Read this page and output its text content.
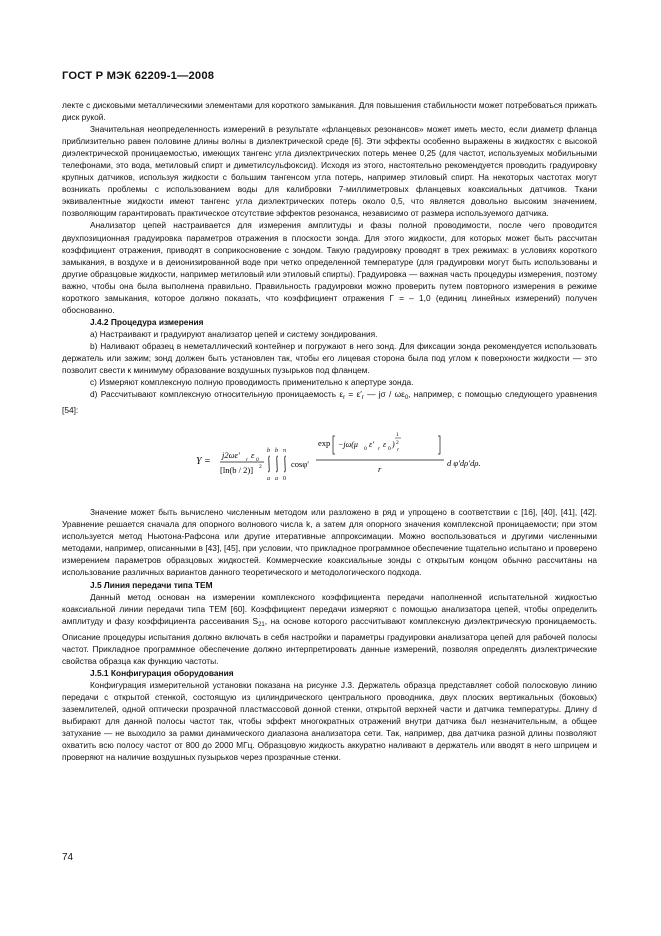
ГОСТ Р МЭК 62209-1—2008

лекте с дисковыми металлическими элементами для короткого замыкания. Для повышения стабильности может потребоваться прижать диск рукой.

Значительная неопределенность измерений в результате «фланцевых резонансов» может иметь место, если диаметр фланца приблизительно равен половине длины волны в диэлектрической среде [6]. Эти эффекты особенно выражены в жидкостях с высокой диэлектрической проницаемостью, имеющих тангенс угла диэлектрических потерь менее 0,25 (для частот, используемых мобильными телефонами, это вода, метиловый спирт и диметилсульфоксид). Исходя из этого, настоятельно рекомендуется проводить градуировку крупных датчиков, используя жидкости с большим тангенсом угла потерь, например этиловый спирт. На некоторых частотах могут возникать проблемы с использованием воды для калибровки 7-миллиметровых фланцевых коаксиальных датчиков. Ткани эквивалентные жидкости имеют тангенс угла диэлектрических потерь около 0,5, что является довольно высоким значением, позволяющим гарантировать практическое отсутствие эффектов резонанса, независимо от размера используемого датчика.

Анализатор цепей настраивается для измерения амплитуды и фазы полной проводимости, после чего проводится двухпозиционная градуировка параметров отражения в плоскости зонда. Для этого жидкости, для которых может быть рассчитан коэффициент отражения, приводят в соприкосновение с зондом. Такую градуировку проводят в трех режимах: в условиях короткого замыкания, в воздухе и в деионизированной воде при четко определенной температуре (для градуировки могут быть использованы и другие образцовые жидкости, например метиловый или этиловый спирты). Градуировка — важная часть процедуры измерения, поэтому важно, чтобы она была выполнена правильно. Правильность градуировки можно проверить путем повторного измерения в режиме короткого замыкания, которое должно показать, что коэффициент отражения Г = – 1,0 (единиц линейных измерений) получен обоснованно.

J.4.2 Процедура измерения

а) Настраивают и градуируют анализатор цепей и систему зондирования.

b) Наливают образец в неметаллический контейнер и погружают в него зонд. Для фиксации зонда рекомендуется использовать держатель или зажим; зонд должен быть установлен так, чтобы его лицевая сторона была под углом к поверхности жидкости — это позволит свести к минимуму образование воздушных пузырьков под фланцем.

с) Измеряют комплексную полную проводимость применительно к апертуре зонда.

d) Рассчитывают комплексную относительную проницаемость $\varepsilon_r = \varepsilon'_r$ — jσ / $\omega\varepsilon_0$, например, с помощью следующего уравнения [54]:

Y =
j2ωε′ r ε 0
[ln(b / 2)] 2
b b π
a a 0
cosφ′
exp −jω(μ 0 ε′ r ε 0 )
1
2
r
r
d φ′dρ′dρ.

Значение может быть вычислено численным методом или разложено в ряд и упрощено в соответствии с [16], [40], [41], [42]. Уравнение решается сначала для опорного волнового числа k, а затем для опорного значения комплексной проницаемости; при этом используется метод Ньютона-Рафсона или другие итеративные аппроксимации. Можно воспользоваться и другими численными методами, например, описанными в [43], [45], при условии, что прикладное программное обеспечение тщательно испытано и проверено измерением параметров образцовых жидкостей. Коммерческие коаксиальные зонды с открытым концом обычно рассчитаны на использование различных вариантов данного теоретического и методологического подхода.

J.5 Линия передачи типа ТЕМ

Данный метод основан на измерении комплексного коэффициента передачи наполненной испытательной жидкостью коаксиальной линии передачи типа ТЕМ [60]. Коэффициент передачи измеряют с помощью анализатора цепей, чтобы определить амплитуду и фазу коэффициента рассеивания $S_{21}$, на основе которого рассчитывают комплексную диэлектрическую проницаемость. Описание процедуры испытания должно включать в себя настройки и параметры градуировки анализатора цепей для рабочей полосы частот. Прикладное программное обеспечение должно интерпретировать данные измерений, позволяя определять диэлектрические свойства образца как функцию частоты.

J.5.1 Конфигурация оборудования

Конфигурация измерительной установки показана на рисунке J.3. Держатель образца представляет собой полосковую линию передачи с открытой стенкой, состоящую из цилиндрического центрального проводника, двух плоских вертикальных (боковых) заземлителей, одной оптически прозрачной пластмассовой донной стенки, открытой верхней части и датчика температуры. Длину d выбирают для данной полосы частот так, чтобы эффект многократных отражений внутри датчика был незначительным, а общее затухание — не выходило за рамки динамического диапазона анализатора сети. Так, например, два датчика разной длины позволяют охватить всю полосу частот от 800 до 2000 МГц. Образцовую жидкость аккуратно наливают в держатель или вводят в него шприцем и проверяют на наличие воздушных пузырьков через прозрачные стенки.

74
